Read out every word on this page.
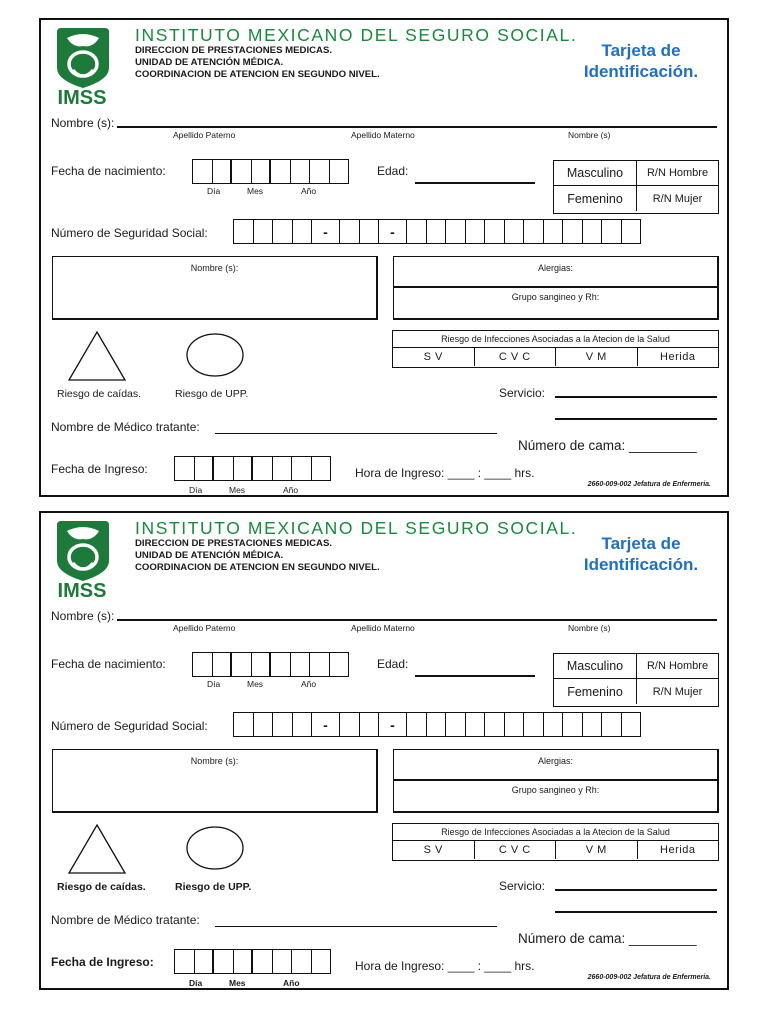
IMSS
INSTITUTO MEXICANO DEL SEGURO SOCIAL.
DIRECCION DE PRESTACIONES MEDICAS.
UNIDAD DE ATENCIÓN MÉDICA.
COORDINACION DE ATENCION EN SEGUNDO NIVEL.
Tarjeta de
Identificación.
Nombre (s):
Apellido Paterno	Apellido Materno	Nombre (s)
Fecha de nacimiento:
Día	Mes	Año
Edad:	Masculino	R/N Hombre
Femenino	R/N Mujer
Número de Seguridad Social:	-	-
Nombre (s):	Alergias:
Grupo sangineo y Rh:
Riesgo de caídas.	Riesgo de UPP.
Riesgo de Infecciones Asociadas a la Atecion de la Salud
S V	C V C	V M	Herida
Servicio:
Nombre de Médico tratante:
Número de cama: _________
Fecha de Ingreso:
Día	Mes	Año
Hora de Ingreso: ____ : ____ hrs.
2660-009-002 Jefatura de Enfermeria.
IMSS
INSTITUTO MEXICANO DEL SEGURO SOCIAL.
DIRECCION DE PRESTACIONES MEDICAS.
UNIDAD DE ATENCIÓN MÉDICA.
COORDINACION DE ATENCION EN SEGUNDO NIVEL.
Tarjeta de
Identificación.
Nombre (s):
Apellido Paterno	Apellido Materno	Nombre (s)
Fecha de nacimiento:
Día	Mes	Año
Edad:	Masculino	R/N Hombre
Femenino	R/N Mujer
Número de Seguridad Social:	-	-
Nombre (s):	Alergias:
Grupo sangineo y Rh:
Riesgo de caídas.	Riesgo de UPP.
Riesgo de Infecciones Asociadas a la Atecion de la Salud
S V	C V C	V M	Herida
Servicio:
Nombre de Médico tratante:
Número de cama: _________
Fecha de Ingreso:
Día	Mes	Año
Hora de Ingreso: ____ : ____ hrs.
2660-009-002 Jefatura de Enfermeria.
